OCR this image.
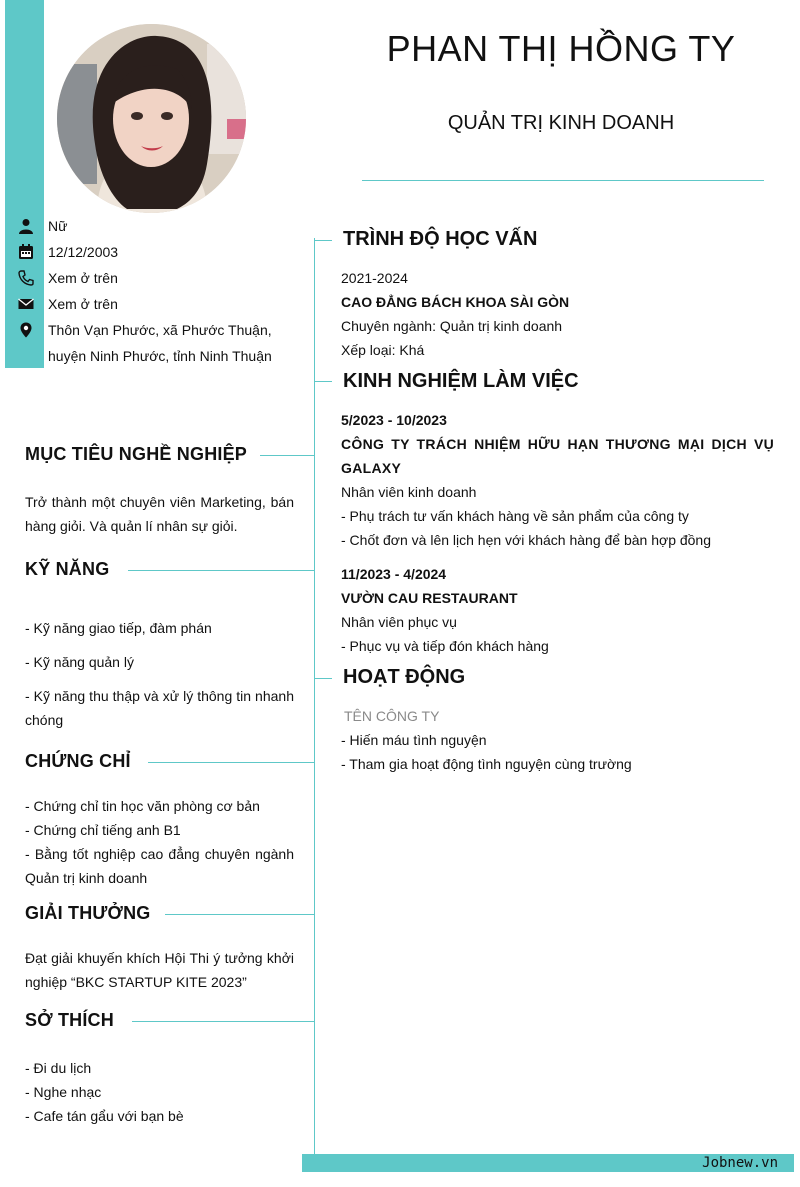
PHAN THỊ HỒNG TY
QUẢN TRỊ KINH DOANH
Nữ
12/12/2003
Xem ở trên
Xem ở trên
Thôn Vạn Phước, xã Phước Thuận, huyện Ninh Phước, tỉnh Ninh Thuận
MỤC TIÊU NGHỀ NGHIỆP
Trở thành một chuyên viên Marketing, bán hàng giỏi. Và quản lí nhân sự giỏi.
KỸ NĂNG
- Kỹ năng giao tiếp, đàm phán
- Kỹ năng quản lý
- Kỹ năng thu thập và xử lý thông tin nhanh chóng
CHỨNG CHỈ
- Chứng chỉ tin học văn phòng cơ bản
- Chứng chỉ tiếng anh B1
- Bằng tốt nghiệp cao đẳng chuyên ngành Quản trị kinh doanh
GIẢI THƯỞNG
Đạt giải khuyến khích Hội Thi ý tưởng khởi nghiệp “BKC STARTUP KITE 2023”
SỞ THÍCH
- Đi du lịch
- Nghe nhạc
- Cafe tán gẩu với bạn bè
TRÌNH ĐỘ HỌC VẤN
2021-2024
CAO ĐẲNG BÁCH KHOA SÀI GÒN
Chuyên ngành: Quản trị kinh doanh
Xếp loại: Khá
KINH NGHIỆM LÀM VIỆC
5/2023 - 10/2023
CÔNG TY TRÁCH NHIỆM HỮU HẠN THƯƠNG MẠI DỊCH VỤ GALAXY
Nhân viên kinh doanh
- Phụ trách tư vấn khách hàng về sản phẩm của công ty
- Chốt đơn và lên lịch hẹn với khách hàng để bàn hợp đồng
11/2023 - 4/2024
VƯỜN CAU RESTAURANT
Nhân viên phục vụ
- Phục vụ và tiếp đón khách hàng
HOẠT ĐỘNG
TÊN CÔNG TY
- Hiến máu tình nguyện
- Tham gia hoạt động tình nguyện cùng trường
Jobnew.vn
